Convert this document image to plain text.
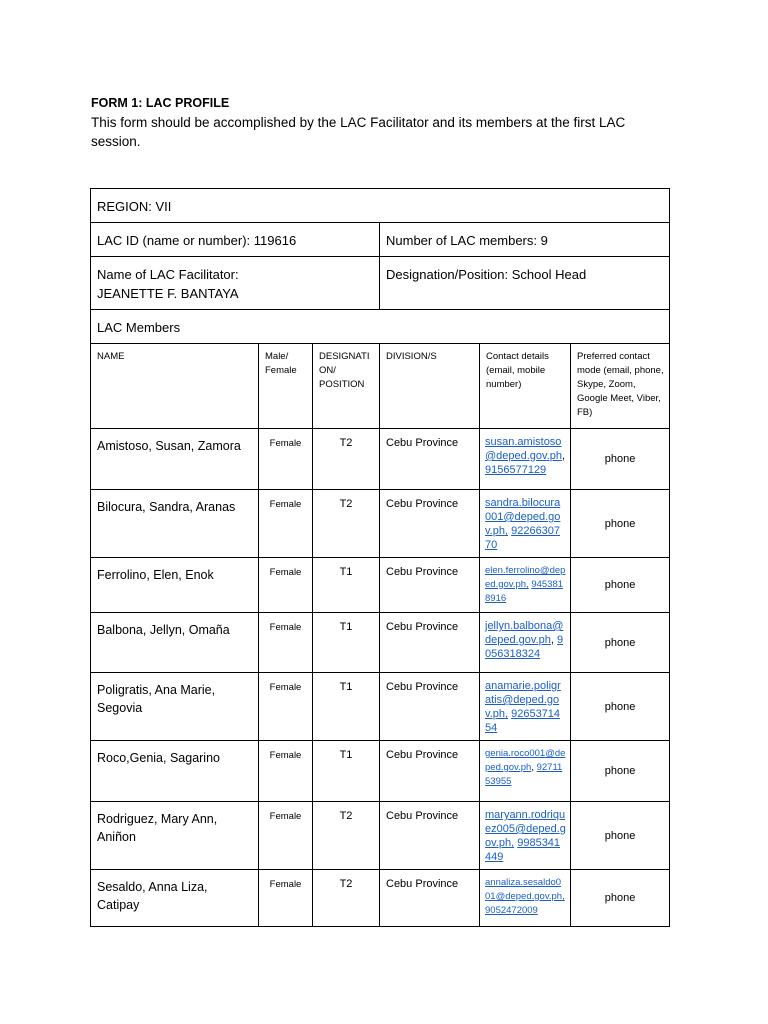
FORM 1: LAC PROFILE
This form should be accomplished by the LAC Facilitator and its members at the first LAC session.
REGION: VII					
LAC ID (name or number): 119616			Number of LAC members: 9		

Name of LAC Facilitator:
JEANETTE F. BANTAYA			Designation/Position: School Head		
LAC Members					
NAME	Male/ Female	DESIGNATI ON/ POSITION	DIVISION/S	Contact details (email, mobile number)	Preferred contact mode (email, phone, Skype, Zoom, Google Meet, Viber, FB)
Amistoso, Susan, Zamora	Female	T2	Cebu Province	susan.amistoso@deped.gov.ph, 9156577129	phone
Bilocura, Sandra, Aranas	Female	T2	Cebu Province	sandra.bilocura001@deped.gov.ph, 9226630770	phone
Ferrolino, Elen, Enok	Female	T1	Cebu Province	elen.ferrolino@deped.gov.ph, 9453818916	phone
Balbona, Jellyn, Omaña	Female	T1	Cebu Province	jellyn.balbona@deped.gov.ph, 9056318324	phone
Poligratis, Ana Marie, Segovia	Female	T1	Cebu Province	anamarie.poligratis@deped.gov.ph, 9265371454	phone
Roco,Genia, Sagarino	Female	T1	Cebu Province	genia.roco001@deped.gov.ph, 9271153955	phone
Rodriguez, Mary Ann, Aniñon	Female	T2	Cebu Province	maryann.rodriquez005@deped.gov.ph, 9985341449	phone
Sesaldo, Anna Liza, Catipay	Female	T2	Cebu Province	annaliza.sesaldo001@deped.gov.ph, 9052472009	phone
